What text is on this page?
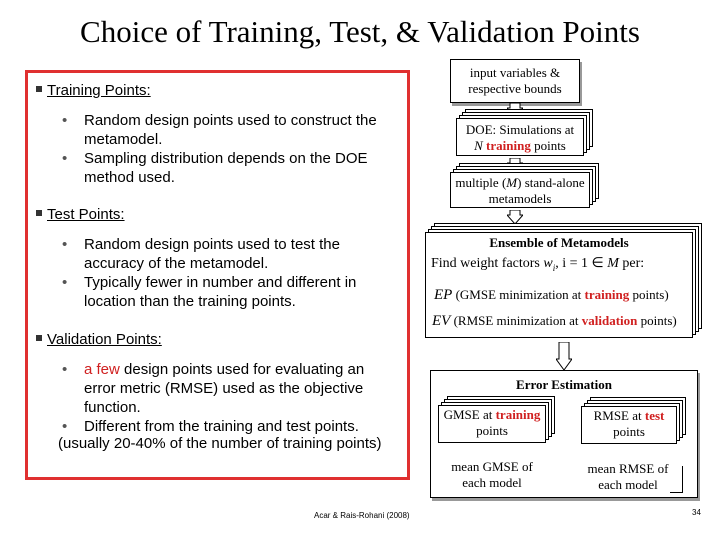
Choice of Training, Test, & Validation Points
Training Points:
• Random design points used to construct the metamodel.
• Sampling distribution depends on the DOE method used.
Test Points:
• Random design points used to test the accuracy of the metamodel.
• Typically fewer in number and different in location than the training points.
Validation Points:
• a few design points used for evaluating an error metric (RMSE) used as the objective function.
• Different from the training and test points.
(usually 20-40% of the number of training points)
input variables & respective bounds
DOE: Simulations at
N training points
multiple (M) stand-alone metamodels
Ensemble of Metamodels
Find weight factors $w_i$, i = 1 ∈ M per:
EP (GMSE minimization at training points)
EV (RMSE minimization at validation points)
Error Estimation
GMSE at training
points
RMSE at test
points
mean GMSE of each model
mean RMSE of each model
Acar & Rais-Rohani (2008)	34
